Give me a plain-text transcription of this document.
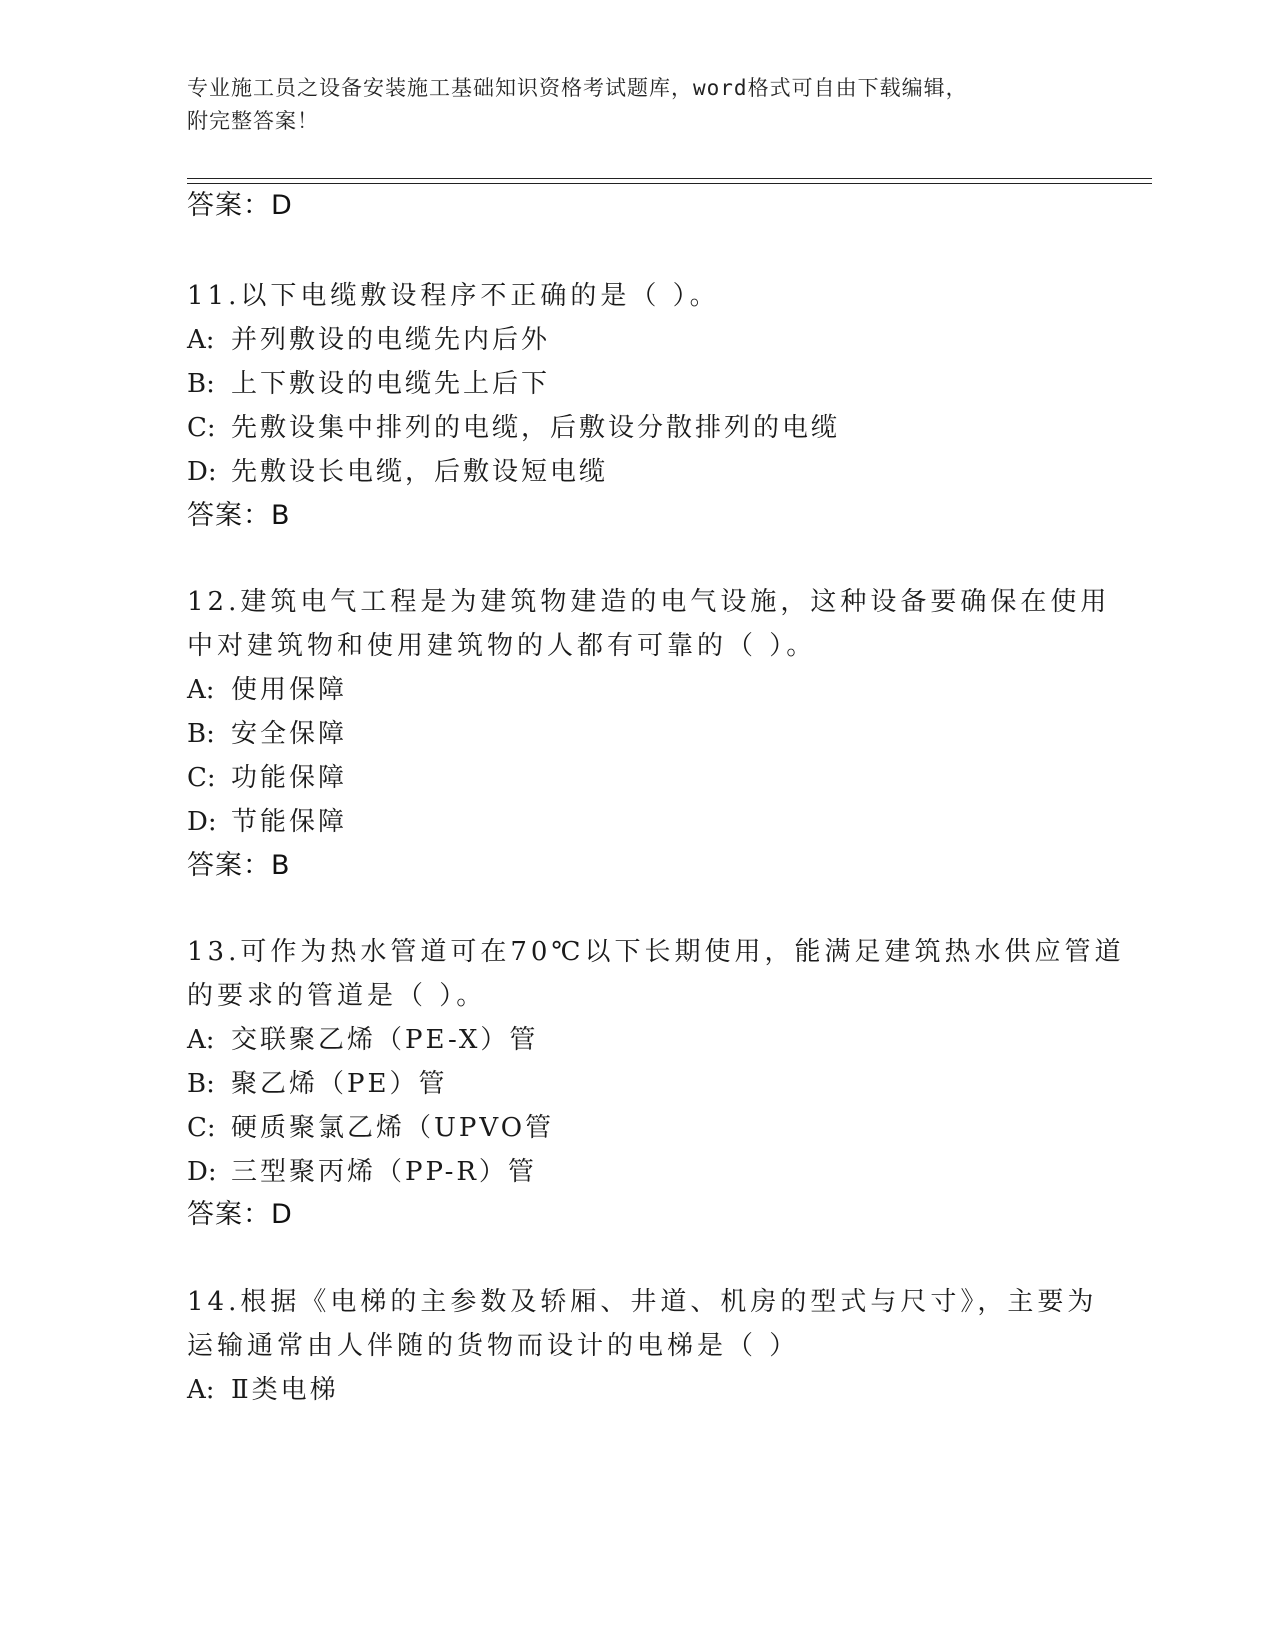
专业施工员之设备安装施工基础知识资格考试题库，word格式可自由下载编辑，
附完整答案！
答案：D
11.以下电缆敷设程序不正确的是（ ）。
A: 并列敷设的电缆先内后外
B: 上下敷设的电缆先上后下
C: 先敷设集中排列的电缆，后敷设分散排列的电缆
D: 先敷设长电缆，后敷设短电缆
答案：B
12.建筑电气工程是为建筑物建造的电气设施，这种设备要确保在使用
中对建筑物和使用建筑物的人都有可靠的（ ）。
A: 使用保障
B: 安全保障
C: 功能保障
D: 节能保障
答案：B
13.可作为热水管道可在70℃以下长期使用，能满足建筑热水供应管道
的要求的管道是（ ）。
A: 交联聚乙烯（PE-X）管
B: 聚乙烯（PE）管
C: 硬质聚氯乙烯（UPVO管
D: 三型聚丙烯（PP-R）管
答案：D
14.根据《电梯的主参数及轿厢、井道、机房的型式与尺寸》，主要为
运输通常由人伴随的货物而设计的电梯是（ ）
A: Ⅱ类电梯
